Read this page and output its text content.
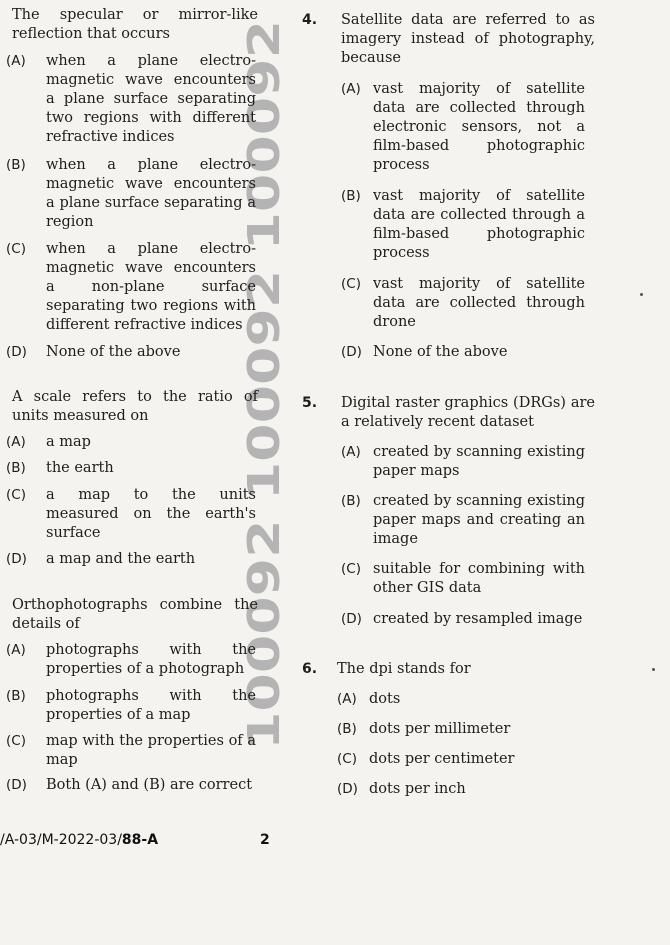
100092 100092 100092
The specular or mirror-like reflection that occurs
(A) when a plane electro-magnetic wave encounters a plane surface separating two regions with different refractive indices
(B) when a plane electro-magnetic wave encounters a plane surface separating a region
(C) when a plane electro-magnetic wave encounters a non-plane surface separating two regions with different refractive indices
(D) None of the above
A scale refers to the ratio of units measured on
(A) a map
(B) the earth
(C) a map to the units measured on the earth's surface
(D) a map and the earth
Orthophotographs combine the details of
(A) photographs with the properties of a photograph
(B) photographs with the properties of a map
(C) map with the properties of a map
(D) Both (A) and (B) are correct
4. Satellite data are referred to as imagery instead of photography, because
(A) vast majority of satellite data are collected through electronic sensors, not a film-based photographic process
(B) vast majority of satellite data are collected through a film-based photographic process
(C) vast majority of satellite data are collected through drone
(D) None of the above
5. Digital raster graphics (DRGs) are a relatively recent dataset
(A) created by scanning existing paper maps
(B) created by scanning existing paper maps and creating an image
(C) suitable for combining with other GIS data
(D) created by resampled image
6. The dpi stands for
(A) dots
(B) dots per millimeter
(C) dots per centimeter
(D) dots per inch
/A-03/M-2022-03/88-A	2
